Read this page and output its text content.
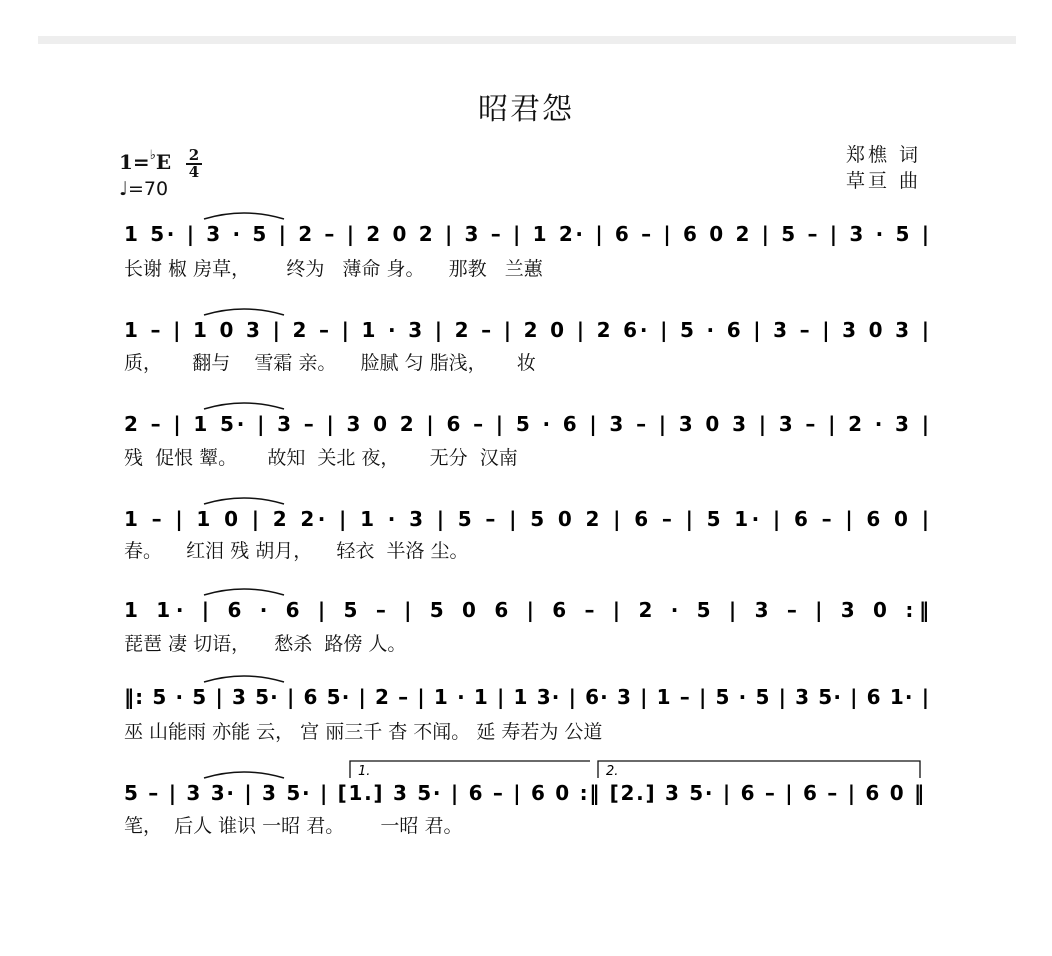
昭君怨
郑樵 词
草亘 曲
1=♭E 2
4
♩=70
1 5· | 3 · 5 | 2 – | 2 0 2 | 3 – | 1 2· | 6 – | 6 0 2 | 5 – | 3 · 5 |
1 – | 1 0 3 | 2 – | 1 · 3 | 2 – | 2 0 | 2 6· | 5 · 6 | 3 – | 3 0 3 |
2 – | 1 5· | 3 – | 3 0 2 | 6 – | 5 · 6 | 3 – | 3 0 3 | 3 – | 2 · 3 |
1 – | 1 0 | 2 2· | 1 · 3 | 5 – | 5 0 2 | 6 – | 5 1· | 6 – | 6 0 |
1 1· | 6 · 6 | 5 – | 5 0 6 | 6 – | 2 · 5 | 3 – | 3 0 :‖
‖: 5 · 5 | 3 5· | 6 5· | 2 – | 1 · 1 | 1 3· | 6· 3 | 1 – | 5 · 5 | 3 5· | 6 1· |
5 – | 3 3· | 3 5· | [1.] 3 5· | 6 – | 6 0 :‖ [2.] 3 5· | 6 – | 6 – | 6 0 ‖
1.	2.
长谢 椒 房草，      终为   薄命 身。    那教   兰蕙
质，     翻与    雪霜 亲。    脸腻 匀 脂浅，     妆
残  促恨 颦。     故知  关北 夜，     无分  汉南
春。    红泪 残 胡月，    轻衣  半洛 尘。
琵琶 凄 切语，    愁杀  路傍 人。
巫 山能雨 亦能 云， 宫 丽三千 杳 不闻。 延 寿若为 公道
笔，  后人 谁识 一昭 君。      一昭 君。
